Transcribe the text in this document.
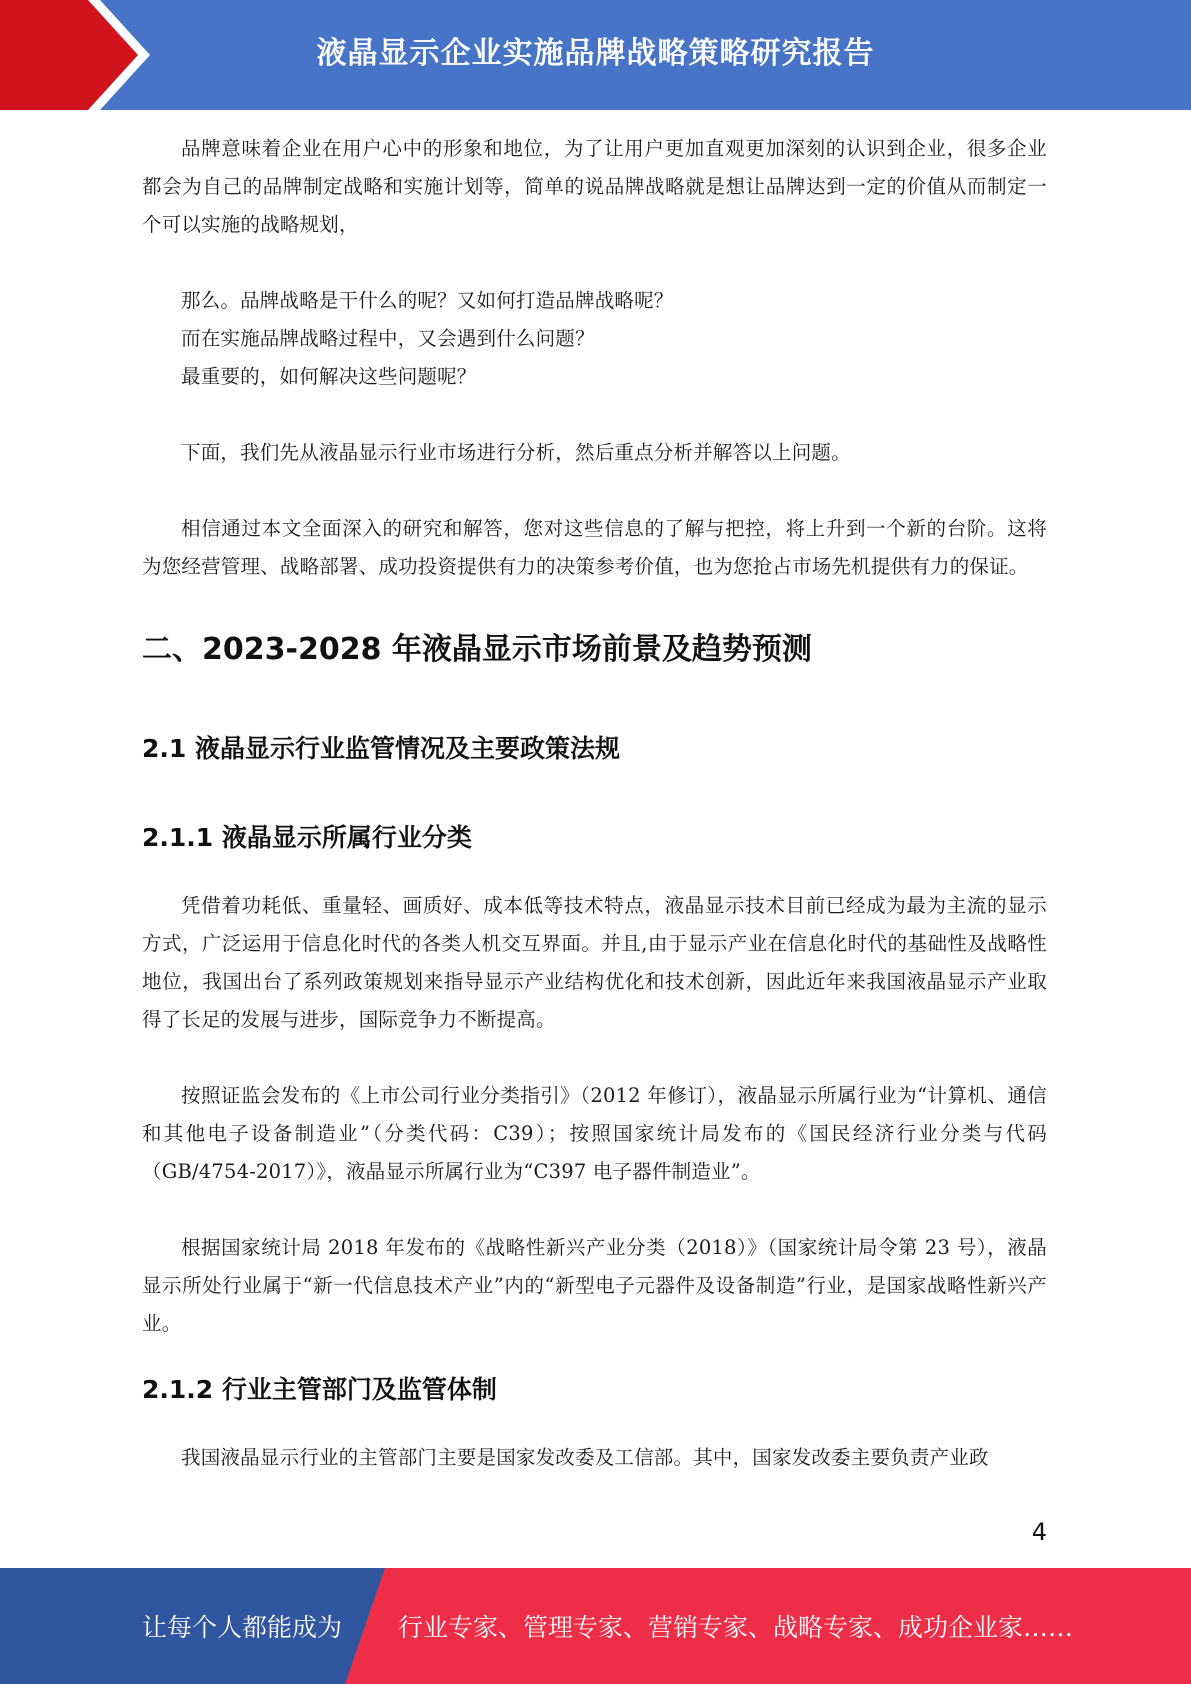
液晶显示企业实施品牌战略策略研究报告

品牌意味着企业在用户心中的形象和地位，为了让用户更加直观更加深刻的认识到企业，很多企业都会为自己的品牌制定战略和实施计划等，简单的说品牌战略就是想让品牌达到一定的价值从而制定一个可以实施的战略规划，

那么。品牌战略是干什么的呢？又如何打造品牌战略呢？

而在实施品牌战略过程中，又会遇到什么问题？

最重要的，如何解决这些问题呢？

下面，我们先从液晶显示行业市场进行分析，然后重点分析并解答以上问题。

相信通过本文全面深入的研究和解答，您对这些信息的了解与把控，将上升到一个新的台阶。这将为您经营管理、战略部署、成功投资提供有力的决策参考价值，也为您抢占市场先机提供有力的保证。

二、2023-2028 年液晶显示市场前景及趋势预测
2.1 液晶显示行业监管情况及主要政策法规
2.1.1 液晶显示所属行业分类

凭借着功耗低、重量轻、画质好、成本低等技术特点，液晶显示技术目前已经成为最为主流的显示方式，广泛运用于信息化时代的各类人机交互界面。并且,由于显示产业在信息化时代的基础性及战略性地位，我国出台了系列政策规划来指导显示产业结构优化和技术创新，因此近年来我国液晶显示产业取得了长足的发展与进步，国际竞争力不断提高。

按照证监会发布的《上市公司行业分类指引》（2012 年修订），液晶显示所属行业为“计算机、通信和其他电子设备制造业”（分类代码：C39）；按照国家统计局发布的《国民经济行业分类与代码（GB/4754-2017）》，液晶显示所属行业为“C397 电子器件制造业”。

根据国家统计局 2018 年发布的《战略性新兴产业分类（2018）》（国家统计局令第 23 号），液晶显示所处行业属于“新一代信息技术产业”内的“新型电子元器件及设备制造”行业，是国家战略性新兴产业。

2.1.2 行业主管部门及监管体制

我国液晶显示行业的主管部门主要是国家发改委及工信部。其中，国家发改委主要负责产业政

4
让每个人都能成为 行业专家、管理专家、营销专家、战略专家、成功企业家……
